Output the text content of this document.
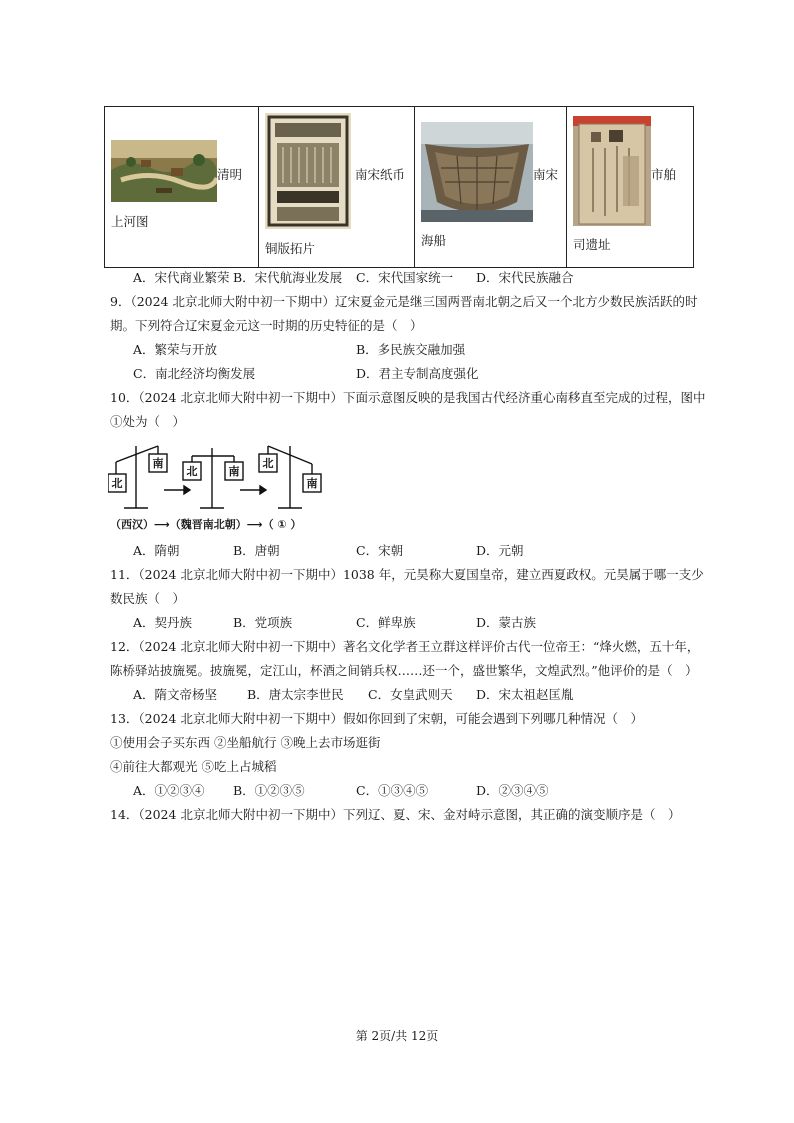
清明
上河图

南宋纸币
铜版拓片

南宋
海船

市舶
司遗址
A．宋代商业繁荣 B．宋代航海业发展 C．宋代国家统一 D．宋代民族融合
9．（2024 北京北师大附中初一下期中）辽宋夏金元是继三国两晋南北朝之后又一个北方少数民族活跃的时
期。下列符合辽宋夏金元这一时期的历史特征的是（　）
A．繁荣与开放	B．多民族交融加强
C．南北经济均衡发展	D．君主专制高度强化
10．（2024 北京北师大附中初一下期中）下面示意图反映的是我国古代经济重心南移直至完成的过程，图中
①处为（　）
北
南
北	南
北
南
（西汉）⟶（魏晋南北朝）⟶（ ① ）
A．隋朝	B．唐朝	C．宋朝	D．元朝
11．（2024 北京北师大附中初一下期中）1038 年，元昊称大夏国皇帝，建立西夏政权。元昊属于哪一支少
数民族（　）
A．契丹族	B．党项族	C．鲜卑族	D．蒙古族
12．（2024 北京北师大附中初一下期中）著名文化学者王立群这样评价古代一位帝王：“烽火燃，五十年，
陈桥驿站披旒冕。披旒冕，定江山，杯酒之间销兵权……还一个，盛世繁华，文煌武烈。”他评价的是（　）
A．隋文帝杨坚 B．唐太宗李世民 C．女皇武则天 D．宋太祖赵匡胤
13．（2024 北京北师大附中初一下期中）假如你回到了宋朝，可能会遇到下列哪几种情况（　）
①使用会子买东西 ②坐船航行 ③晚上去市场逛街
④前往大都观光 ⑤吃上占城稻
A．①②③④ B．①②③⑤	C．①③④⑤	D．②③④⑤
14．（2024 北京北师大附中初一下期中）下列辽、夏、宋、金对峙示意图，其正确的演变顺序是（　）
第 2页/共 12页
